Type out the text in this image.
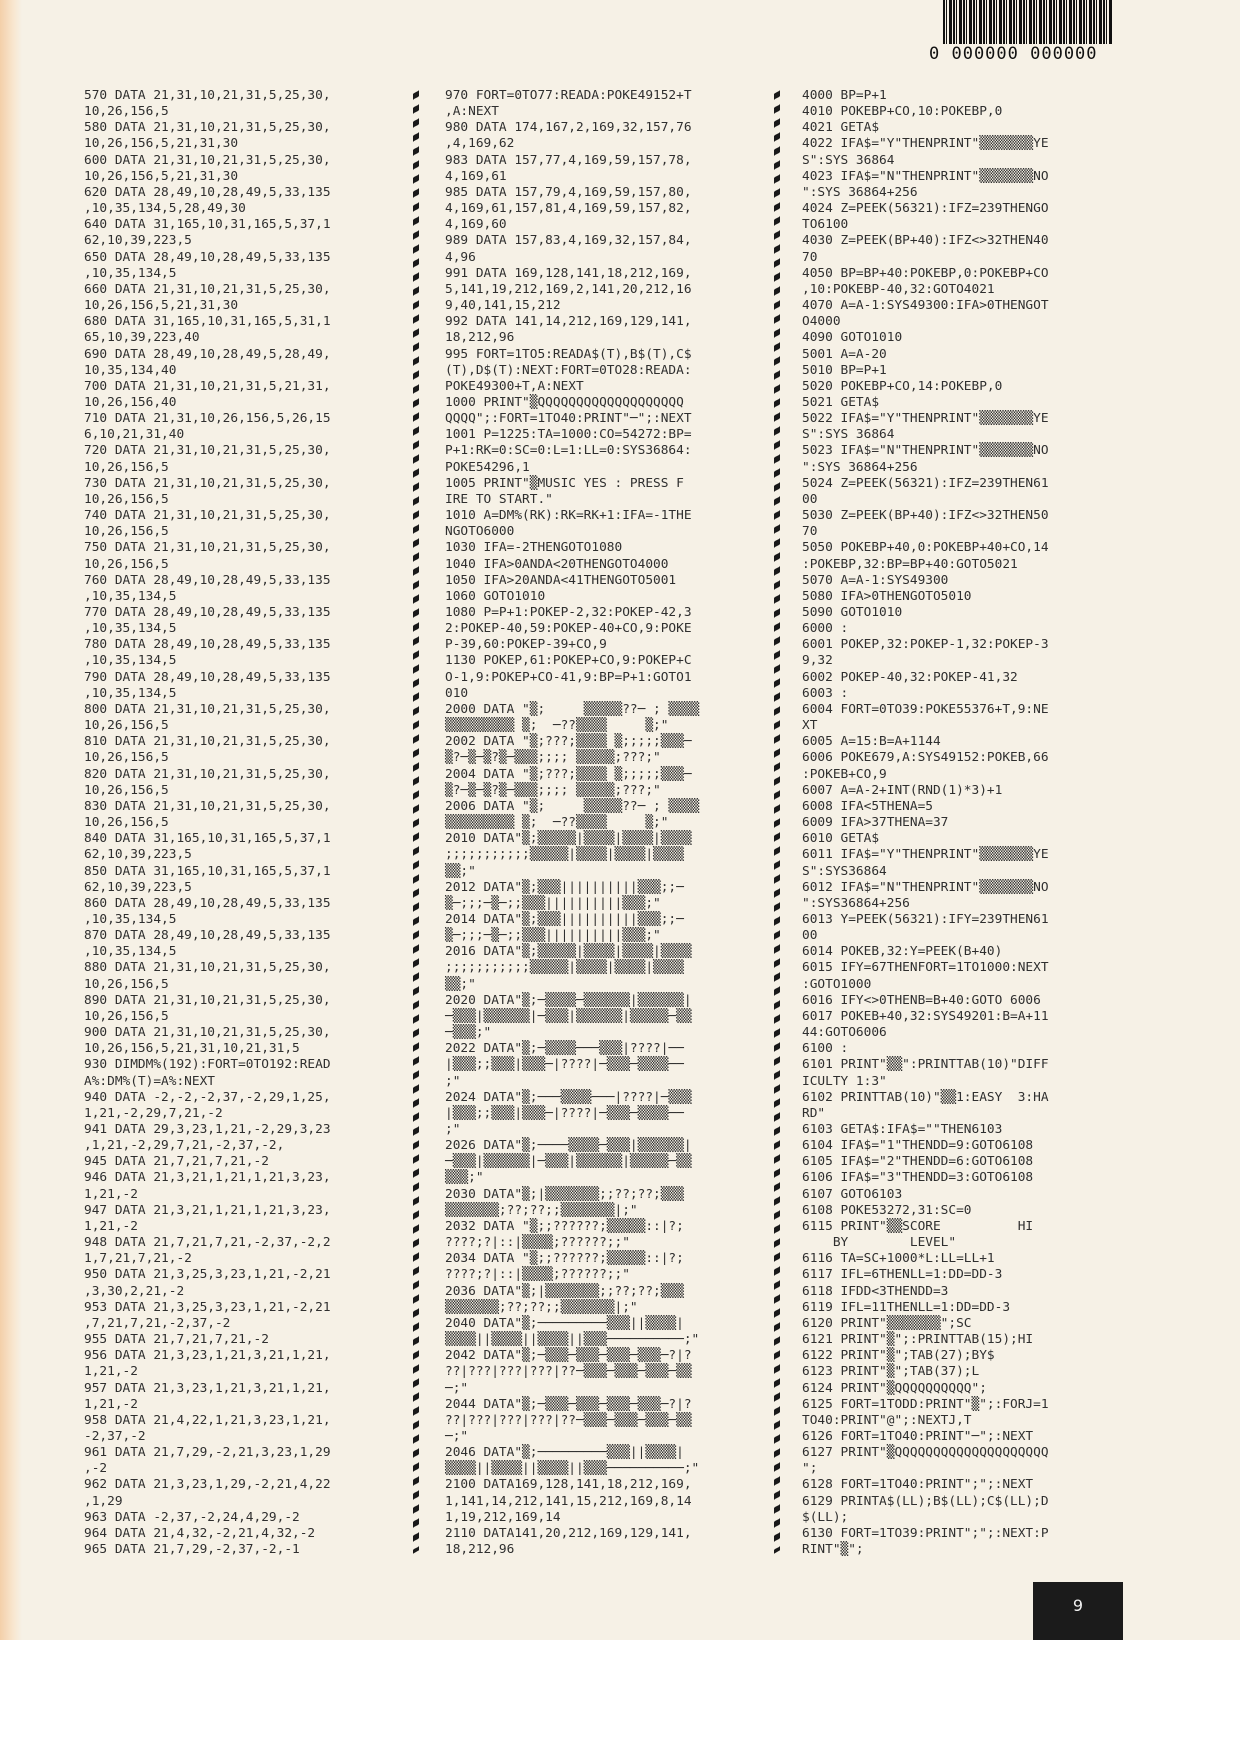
0 000000 000000
570 DATA 21,31,10,21,31,5,25,30,
10,26,156,5
580 DATA 21,31,10,21,31,5,25,30,
10,26,156,5,21,31,30
600 DATA 21,31,10,21,31,5,25,30,
10,26,156,5,21,31,30
620 DATA 28,49,10,28,49,5,33,135
,10,35,134,5,28,49,30
640 DATA 31,165,10,31,165,5,37,1
62,10,39,223,5
650 DATA 28,49,10,28,49,5,33,135
,10,35,134,5
660 DATA 21,31,10,21,31,5,25,30,
10,26,156,5,21,31,30
680 DATA 31,165,10,31,165,5,31,1
65,10,39,223,40
690 DATA 28,49,10,28,49,5,28,49,
10,35,134,40
700 DATA 21,31,10,21,31,5,21,31,
10,26,156,40
710 DATA 21,31,10,26,156,5,26,15
6,10,21,31,40
720 DATA 21,31,10,21,31,5,25,30,
10,26,156,5
730 DATA 21,31,10,21,31,5,25,30,
10,26,156,5
740 DATA 21,31,10,21,31,5,25,30,
10,26,156,5
750 DATA 21,31,10,21,31,5,25,30,
10,26,156,5
760 DATA 28,49,10,28,49,5,33,135
,10,35,134,5
770 DATA 28,49,10,28,49,5,33,135
,10,35,134,5
780 DATA 28,49,10,28,49,5,33,135
,10,35,134,5
790 DATA 28,49,10,28,49,5,33,135
,10,35,134,5
800 DATA 21,31,10,21,31,5,25,30,
10,26,156,5
810 DATA 21,31,10,21,31,5,25,30,
10,26,156,5
820 DATA 21,31,10,21,31,5,25,30,
10,26,156,5
830 DATA 21,31,10,21,31,5,25,30,
10,26,156,5
840 DATA 31,165,10,31,165,5,37,1
62,10,39,223,5
850 DATA 31,165,10,31,165,5,37,1
62,10,39,223,5
860 DATA 28,49,10,28,49,5,33,135
,10,35,134,5
870 DATA 28,49,10,28,49,5,33,135
,10,35,134,5
880 DATA 21,31,10,21,31,5,25,30,
10,26,156,5
890 DATA 21,31,10,21,31,5,25,30,
10,26,156,5
900 DATA 21,31,10,21,31,5,25,30,
10,26,156,5,21,31,10,21,31,5
930 DIMDM%(192):FORT=0TO192:READ
A%:DM%(T)=A%:NEXT
940 DATA -2,-2,-2,37,-2,29,1,25,
1,21,-2,29,7,21,-2
941 DATA 29,3,23,1,21,-2,29,3,23
,1,21,-2,29,7,21,-2,37,-2,
945 DATA 21,7,21,7,21,-2
946 DATA 21,3,21,1,21,1,21,3,23,
1,21,-2
947 DATA 21,3,21,1,21,1,21,3,23,
1,21,-2
948 DATA 21,7,21,7,21,-2,37,-2,2
1,7,21,7,21,-2
950 DATA 21,3,25,3,23,1,21,-2,21
,3,30,2,21,-2
953 DATA 21,3,25,3,23,1,21,-2,21
,7,21,7,21,-2,37,-2
955 DATA 21,7,21,7,21,-2
956 DATA 21,3,23,1,21,3,21,1,21,
1,21,-2
957 DATA 21,3,23,1,21,3,21,1,21,
1,21,-2
958 DATA 21,4,22,1,21,3,23,1,21,
-2,37,-2
961 DATA 21,7,29,-2,21,3,23,1,29
,-2
962 DATA 21,3,23,1,29,-2,21,4,22
,1,29
963 DATA -2,37,-2,24,4,29,-2
964 DATA 21,4,32,-2,21,4,32,-2
965 DATA 21,7,29,-2,37,-2,-1
970 FORT=0TO77:READA:POKE49152+T
,A:NEXT
980 DATA 174,167,2,169,32,157,76
,4,169,62
983 DATA 157,77,4,169,59,157,78,
4,169,61
985 DATA 157,79,4,169,59,157,80,
4,169,61,157,81,4,169,59,157,82,
4,169,60
989 DATA 157,83,4,169,32,157,84,
4,96
991 DATA 169,128,141,18,212,169,
5,141,19,212,169,2,141,20,212,16
9,40,141,15,212
992 DATA 141,14,212,169,129,141,
18,212,96
995 FORT=1TO5:READA$(T),B$(T),C$
(T),D$(T):NEXT:FORT=0TO28:READA:
POKE49300+T,A:NEXT
1000 PRINT"▒QQQQQQQQQQQQQQQQQQQ
QQQQ";:FORT=1TO40:PRINT"─";:NEXT
1001 P=1225:TA=1000:CO=54272:BP=
P+1:RK=0:SC=0:L=1:LL=0:SYS36864:
POKE54296,1
1005 PRINT"▒MUSIC YES : PRESS F
IRE TO START."
1010 A=DM%(RK):RK=RK+1:IFA=-1THE
NGOTO6000
1030 IFA=-2THENGOTO1080
1040 IFA>0ANDA<20THENGOTO4000
1050 IFA>20ANDA<41THENGOTO5001
1060 GOTO1010
1080 P=P+1:POKEP-2,32:POKEP-42,3
2:POKEP-40,59:POKEP-40+CO,9:POKE
P-39,60:POKEP-39+CO,9
1130 POKEP,61:POKEP+CO,9:POKEP+C
O-1,9:POKEP+CO-41,9:BP=P+1:GOTO1
010
2000 DATA "▒;     ▒▒▒▒▒??─ ; ▒▒▒▒
▒▒▒▒▒▒▒▒▒ ▒;  ─??▒▒▒▒     ▒;"
2002 DATA "▒;???;▒▒▒▒ ▒;;;;;▒▒▒─
▒?─▒─▒?▒─▒▒▒;;;; ▒▒▒▒▒;???;"
2004 DATA "▒;???;▒▒▒▒ ▒;;;;;▒▒▒─
▒?─▒─▒?▒─▒▒▒;;;; ▒▒▒▒▒;???;"
2006 DATA "▒;     ▒▒▒▒▒??─ ; ▒▒▒▒
▒▒▒▒▒▒▒▒▒ ▒;  ─??▒▒▒▒     ▒;"
2010 DATA"▒;▒▒▒▒▒|▒▒▒▒|▒▒▒▒|▒▒▒▒
;;;;;;;;;;;▒▒▒▒▒|▒▒▒▒|▒▒▒▒|▒▒▒▒
▒▒;"
2012 DATA"▒;▒▒▒||||||||||▒▒▒;;─
▒─;;;─▒─;;▒▒▒||||||||||▒▒▒;"
2014 DATA"▒;▒▒▒||||||||||▒▒▒;;─
▒─;;;─▒─;;▒▒▒||||||||||▒▒▒;"
2016 DATA"▒;▒▒▒▒▒|▒▒▒▒|▒▒▒▒|▒▒▒▒
;;;;;;;;;;;▒▒▒▒▒|▒▒▒▒|▒▒▒▒|▒▒▒▒
▒▒;"
2020 DATA"▒;─▒▒▒▒─▒▒▒▒▒▒|▒▒▒▒▒▒|
─▒▒▒|▒▒▒▒▒▒|─▒▒▒|▒▒▒▒▒▒|▒▒▒▒▒─▒▒
─▒▒▒;"
2022 DATA"▒;─▒▒▒▒───▒▒▒|????|──
|▒▒▒;;▒▒▒|▒▒▒─|????|─▒▒▒─▒▒▒▒──
;"
2024 DATA"▒;───▒▒▒▒───|????|─▒▒▒
|▒▒▒;;▒▒▒|▒▒▒─|????|─▒▒▒─▒▒▒▒──
;"
2026 DATA"▒;────▒▒▒▒─▒▒▒|▒▒▒▒▒▒|
─▒▒▒|▒▒▒▒▒▒|─▒▒▒|▒▒▒▒▒▒|▒▒▒▒▒─▒▒
▒▒▒;"
2030 DATA"▒;|▒▒▒▒▒▒▒;;??;??;▒▒▒
▒▒▒▒▒▒▒;??;??;;▒▒▒▒▒▒▒|;"
2032 DATA "▒;;??????;▒▒▒▒▒::|?;
????;?|::|▒▒▒▒;??????;;"
2034 DATA "▒;;??????;▒▒▒▒▒::|?;
????;?|::|▒▒▒▒;??????;;"
2036 DATA"▒;|▒▒▒▒▒▒▒;;??;??;▒▒▒
▒▒▒▒▒▒▒;??;??;;▒▒▒▒▒▒▒|;"
2040 DATA"▒;─────────▒▒▒||▒▒▒▒|
▒▒▒▒||▒▒▒▒||▒▒▒▒||▒▒▒──────────;"
2042 DATA"▒;─▒▒▒─▒▒▒─▒▒▒─▒▒▒─?|?
??|???|???|???|??─▒▒▒─▒▒▒─▒▒▒─▒▒
─;"
2044 DATA"▒;─▒▒▒─▒▒▒─▒▒▒─▒▒▒─?|?
??|???|???|???|??─▒▒▒─▒▒▒─▒▒▒─▒▒
─;"
2046 DATA"▒;─────────▒▒▒||▒▒▒▒|
▒▒▒▒||▒▒▒▒||▒▒▒▒||▒▒▒──────────;"
2100 DATA169,128,141,18,212,169,
1,141,14,212,141,15,212,169,8,14
1,19,212,169,14
2110 DATA141,20,212,169,129,141,
18,212,96
4000 BP=P+1
4010 POKEBP+CO,10:POKEBP,0
4021 GETA$
4022 IFA$="Y"THENPRINT"▒▒▒▒▒▒▒YE
S":SYS 36864
4023 IFA$="N"THENPRINT"▒▒▒▒▒▒▒NO
":SYS 36864+256
4024 Z=PEEK(56321):IFZ=239THENGO
TO6100
4030 Z=PEEK(BP+40):IFZ<>32THEN40
70
4050 BP=BP+40:POKEBP,0:POKEBP+CO
,10:POKEBP-40,32:GOTO4021
4070 A=A-1:SYS49300:IFA>0THENGOT
O4000
4090 GOTO1010
5001 A=A-20
5010 BP=P+1
5020 POKEBP+CO,14:POKEBP,0
5021 GETA$
5022 IFA$="Y"THENPRINT"▒▒▒▒▒▒▒YE
S":SYS 36864
5023 IFA$="N"THENPRINT"▒▒▒▒▒▒▒NO
":SYS 36864+256
5024 Z=PEEK(56321):IFZ=239THEN61
00
5030 Z=PEEK(BP+40):IFZ<>32THEN50
70
5050 POKEBP+40,0:POKEBP+40+CO,14
:POKEBP,32:BP=BP+40:GOTO5021
5070 A=A-1:SYS49300
5080 IFA>0THENGOTO5010
5090 GOTO1010
6000 :
6001 POKEP,32:POKEP-1,32:POKEP-3
9,32
6002 POKEP-40,32:POKEP-41,32
6003 :
6004 FORT=0TO39:POKE55376+T,9:NE
XT
6005 A=15:B=A+1144
6006 POKE679,A:SYS49152:POKEB,66
:POKEB+CO,9
6007 A=A-2+INT(RND(1)*3)+1
6008 IFA<5THENA=5
6009 IFA>37THENA=37
6010 GETA$
6011 IFA$="Y"THENPRINT"▒▒▒▒▒▒▒YE
S":SYS36864
6012 IFA$="N"THENPRINT"▒▒▒▒▒▒▒NO
":SYS36864+256
6013 Y=PEEK(56321):IFY=239THEN61
00
6014 POKEB,32:Y=PEEK(B+40)
6015 IFY=67THENFORT=1TO1000:NEXT
:GOTO1000
6016 IFY<>0THENB=B+40:GOTO 6006
6017 POKEB+40,32:SYS49201:B=A+11
44:GOTO6006
6100 :
6101 PRINT"▒▒":PRINTTAB(10)"DIFF
ICULTY 1:3"
6102 PRINTTAB(10)"▒▒1:EASY  3:HA
RD"
6103 GETA$:IFA$=""THEN6103
6104 IFA$="1"THENDD=9:GOTO6108
6105 IFA$="2"THENDD=6:GOTO6108
6106 IFA$="3"THENDD=3:GOTO6108
6107 GOTO6103
6108 POKE53272,31:SC=0
6115 PRINT"▒▒SCORE          HI
BY        LEVEL"
6116 TA=SC+1000*L:LL=LL+1
6117 IFL=6THENLL=1:DD=DD-3
6118 IFDD<3THENDD=3
6119 IFL=11THENLL=1:DD=DD-3
6120 PRINT"▒▒▒▒▒▒▒";SC
6121 PRINT"▒";:PRINTTAB(15);HI
6122 PRINT"▒";TAB(27);BY$
6123 PRINT"▒";TAB(37);L
6124 PRINT"▒QQQQQQQQQQ";
6125 FORT=1TODD:PRINT"▒";:FORJ=1
TO40:PRINT"@";:NEXTJ,T
6126 FORT=1TO40:PRINT"─";:NEXT
6127 PRINT"▒QQQQQQQQQQQQQQQQQQQQ
";
6128 FORT=1TO40:PRINT";";:NEXT
6129 PRINTA$(LL);B$(LL);C$(LL);D
$(LL);
6130 FORT=1TO39:PRINT";";:NEXT:P
RINT"▒";
9
